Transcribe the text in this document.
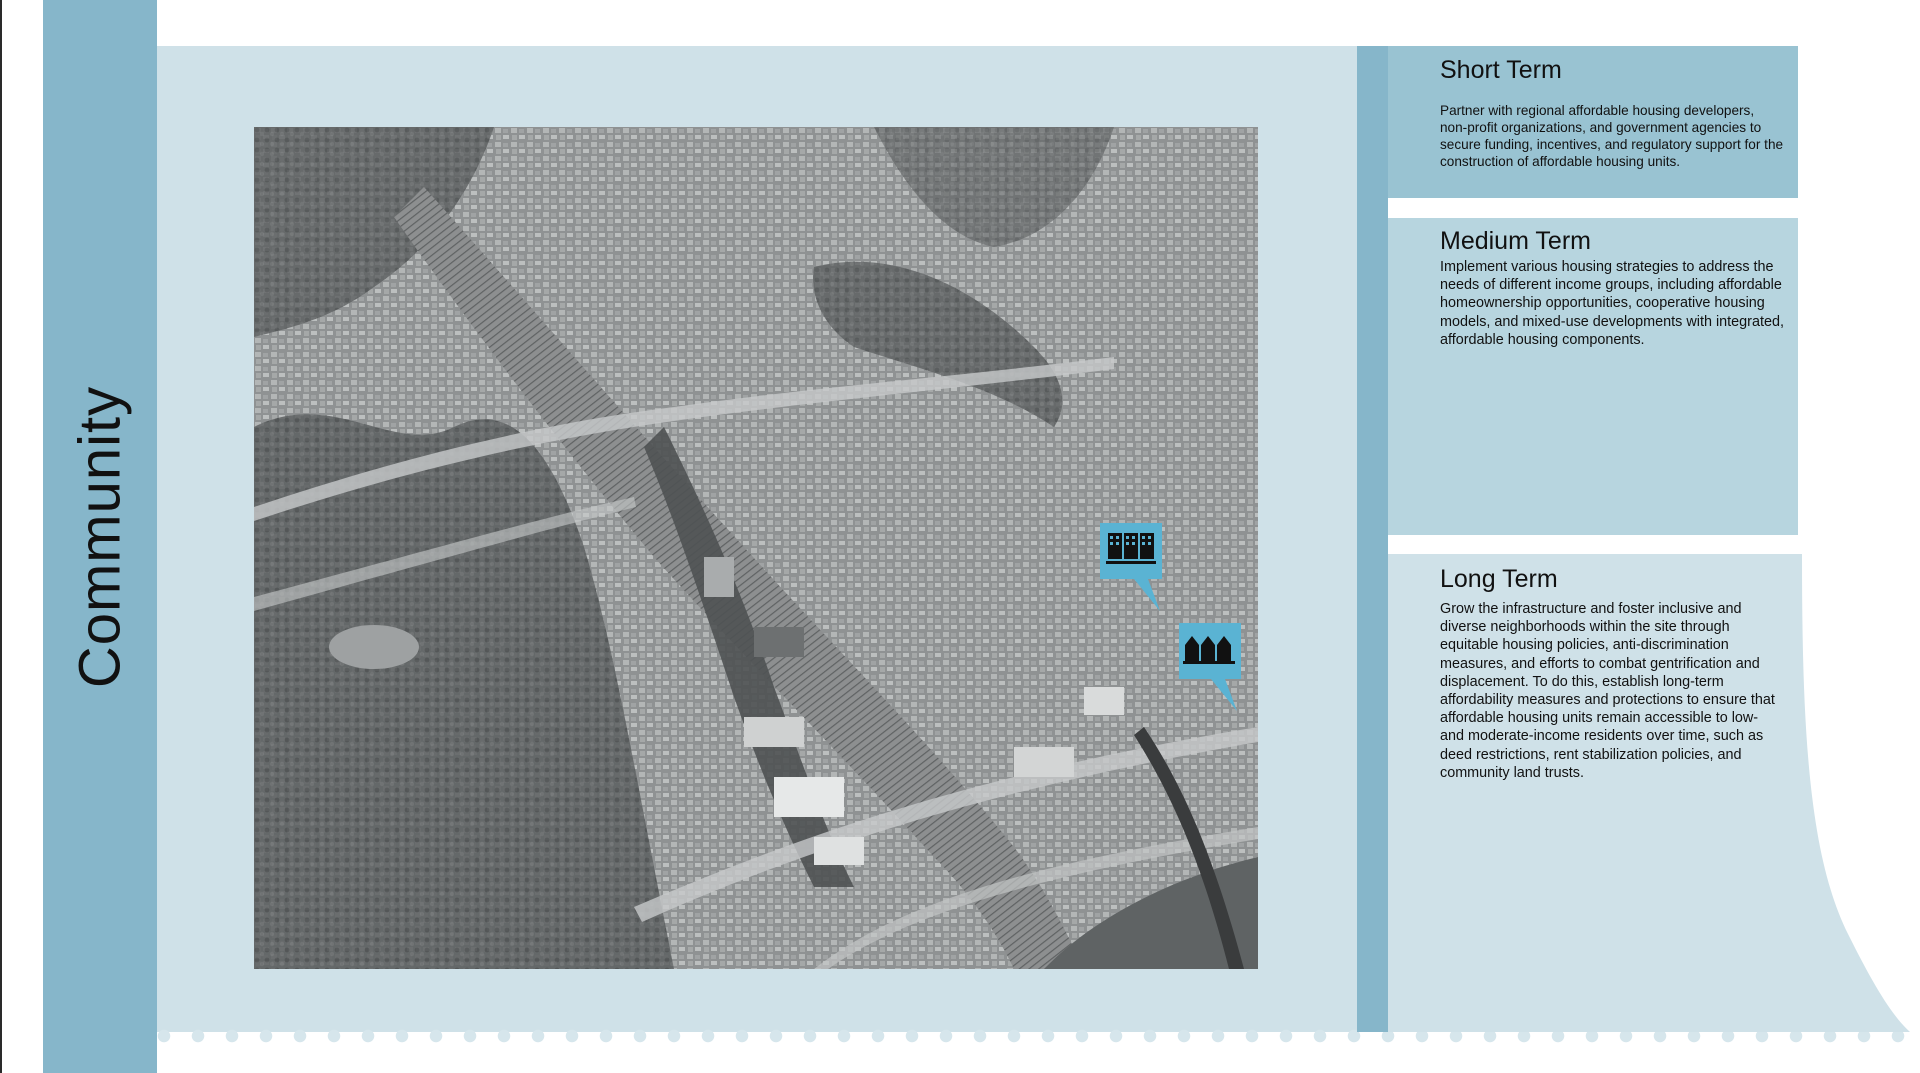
Community
Short Term

Partner with regional affordable housing developers, non-profit organizations, and government agencies to secure funding, incentives, and regulatory support for the construction of affordable housing units.

Medium Term

Implement various housing strategies to address the needs of different income groups, including affordable homeownership opportunities, cooperative housing models, and mixed-use developments with integrated, affordable housing components.

Long Term

Grow the infrastructure and foster inclusive and diverse neighborhoods within the site through equitable housing policies, anti-discrimination measures, and efforts to combat gentrification and displacement. To do this, establish long-term affordability measures and protections to ensure that affordable housing units remain accessible to low- and moderate-income residents over time, such as deed restrictions, rent stabilization policies, and community land trusts.
